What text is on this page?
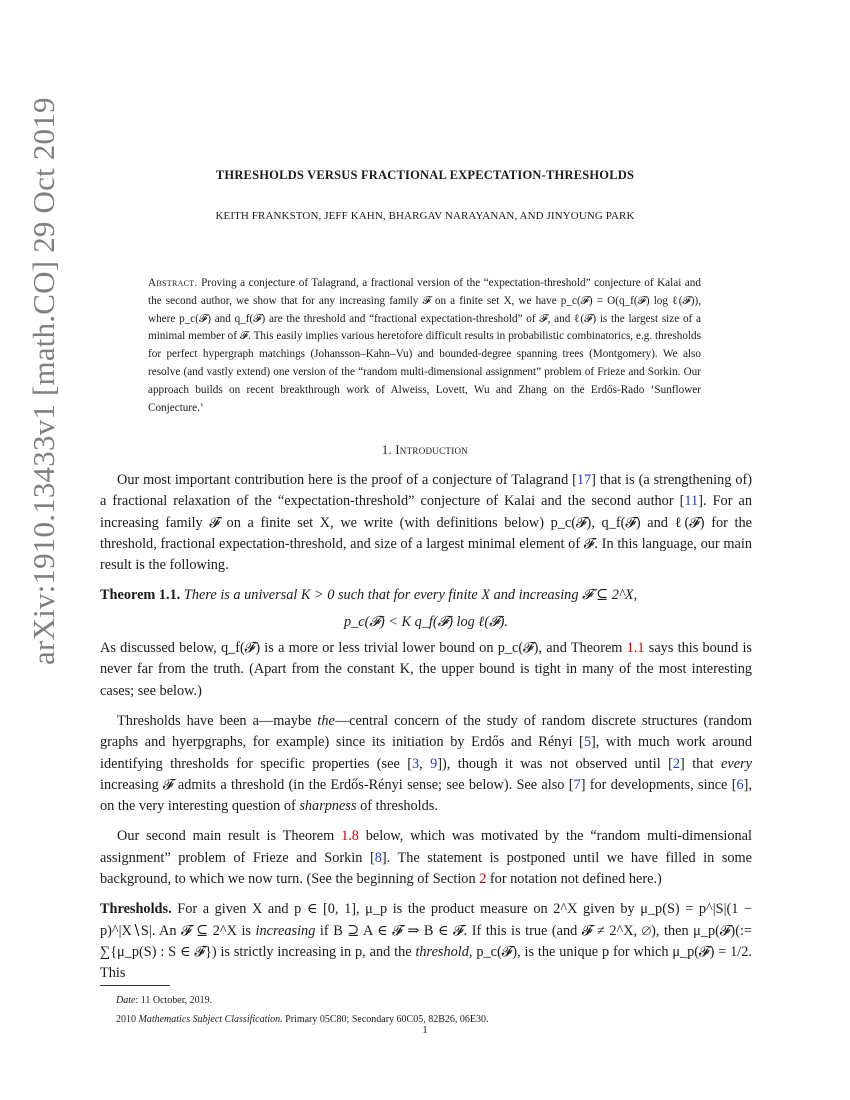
arXiv:1910.13433v1 [math.CO] 29 Oct 2019	THRESHOLDS VERSUS FRACTIONAL EXPECTATION-THRESHOLDS
KEITH FRANKSTON, JEFF KAHN, BHARGAV NARAYANAN, AND JINYOUNG PARK
Abstract. Proving a conjecture of Talagrand, a fractional version of the “expectation-threshold” conjecture of Kalai and the second author, we show that for any increasing family 𝓕 on a finite set X, we have p_c(𝓕) = O(q_f(𝓕) log ℓ(𝓕)), where p_c(𝓕) and q_f(𝓕) are the threshold and “fractional expectation-threshold” of 𝓕, and ℓ(𝓕) is the largest size of a minimal member of 𝓕. This easily implies various heretofore difficult results in probabilistic combinatorics, e.g. thresholds for perfect hypergraph matchings (Johansson–Kahn–Vu) and bounded-degree spanning trees (Montgomery). We also resolve (and vastly extend) one version of the “random multi-dimensional assignment” problem of Frieze and Sorkin. Our approach builds on recent breakthrough work of Alweiss, Lovett, Wu and Zhang on the Erdős-Rado ‘Sunflower Conjecture.’
1. Introduction

Our most important contribution here is the proof of a conjecture of Talagrand [17] that is (a strengthening of) a fractional relaxation of the “expectation-threshold” conjecture of Kalai and the second author [11]. For an increasing family 𝓕 on a finite set X, we write (with definitions below) p_c(𝓕), q_f(𝓕) and ℓ(𝓕) for the threshold, fractional expectation-threshold, and size of a largest minimal element of 𝓕. In this language, our main result is the following.

Theorem 1.1. There is a universal K > 0 such that for every finite X and increasing 𝓕 ⊆ 2^X,

p_c(𝓕) < K q_f(𝓕) log ℓ(𝓕).

As discussed below, q_f(𝓕) is a more or less trivial lower bound on p_c(𝓕), and Theorem 1.1 says this bound is never far from the truth. (Apart from the constant K, the upper bound is tight in many of the most interesting cases; see below.)

Thresholds have been a—maybe the—central concern of the study of random discrete structures (random graphs and hyerpgraphs, for example) since its initiation by Erdős and Rényi [5], with much work around identifying thresholds for specific properties (see [3, 9]), though it was not observed until [2] that every increasing 𝓕 admits a threshold (in the Erdős-Rényi sense; see below). See also [7] for developments, since [6], on the very interesting question of sharpness of thresholds.

Our second main result is Theorem 1.8 below, which was motivated by the “random multi-dimensional assignment” problem of Frieze and Sorkin [8]. The statement is postponed until we have filled in some background, to which we now turn. (See the beginning of Section 2 for notation not defined here.)

Thresholds. For a given X and p ∈ [0, 1], μ_p is the product measure on 2^X given by μ_p(S) = p^|S|(1 − p)^|X∖S|. An 𝓕 ⊆ 2^X is increasing if B ⊇ A ∈ 𝓕 ⇒ B ∈ 𝓕. If this is true (and 𝓕 ≠ 2^X, ∅), then μ_p(𝓕)(:= ∑{μ_p(S) : S ∈ 𝓕}) is strictly increasing in p, and the threshold, p_c(𝓕), is the unique p for which μ_p(𝓕) = 1/2. This

Date: 11 October, 2019.
2010 Mathematics Subject Classification. Primary 05C80; Secondary 60C05, 82B26, 06E30.
1
